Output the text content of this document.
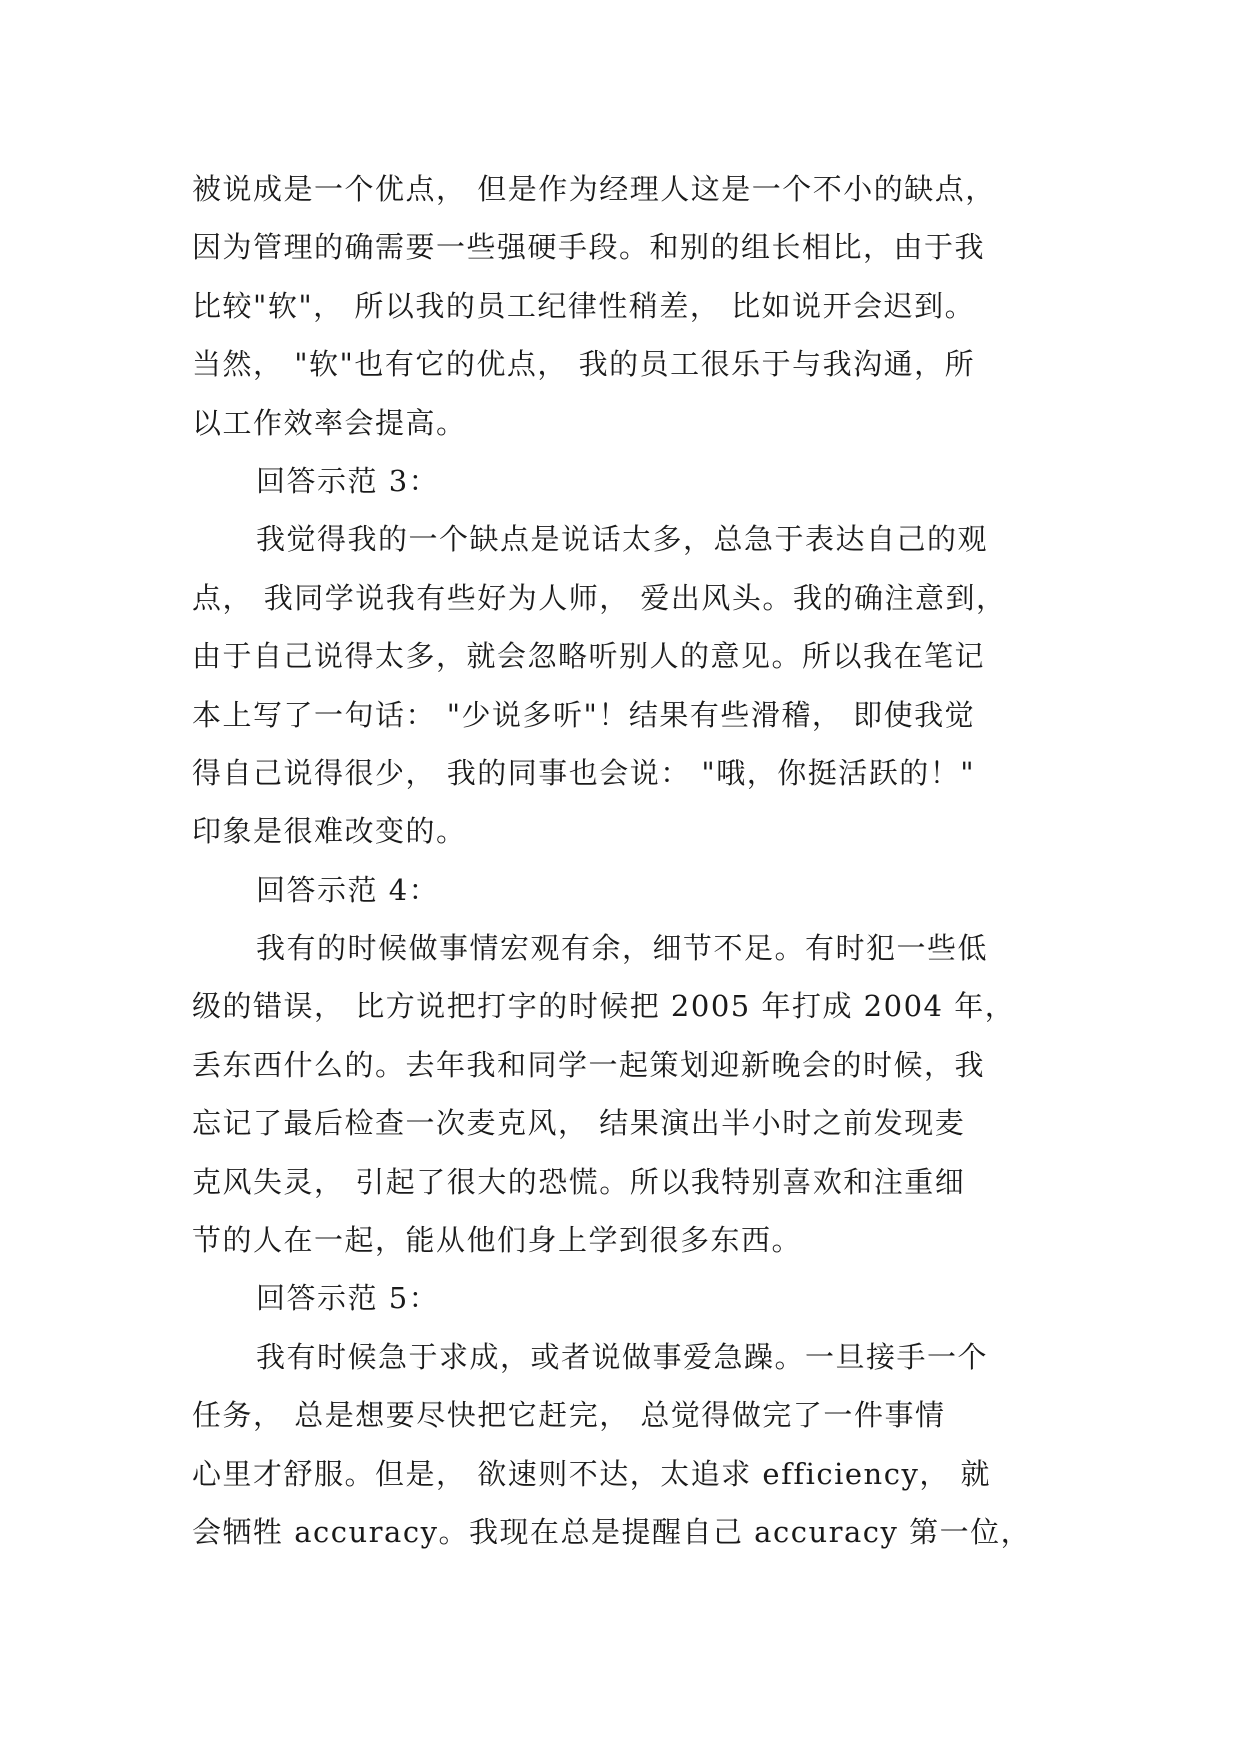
被说成是一个优点， 但是作为经理人这是一个不小的缺点，
因为管理的确需要一些强硬手段。和别的组长相比，由于我
比较"软"， 所以我的员工纪律性稍差， 比如说开会迟到。
当然， "软"也有它的优点， 我的员工很乐于与我沟通，所
以工作效率会提高。
回答示范 3：
我觉得我的一个缺点是说话太多，总急于表达自己的观
点， 我同学说我有些好为人师， 爱出风头。我的确注意到，
由于自己说得太多，就会忽略听别人的意见。所以我在笔记
本上写了一句话： "少说多听"！结果有些滑稽， 即使我觉
得自己说得很少， 我的同事也会说： "哦，你挺活跃的！"
印象是很难改变的。
回答示范 4：
我有的时候做事情宏观有余，细节不足。有时犯一些低
级的错误， 比方说把打字的时候把 2005 年打成 2004 年，
丢东西什么的。去年我和同学一起策划迎新晚会的时候，我
忘记了最后检查一次麦克风， 结果演出半小时之前发现麦
克风失灵， 引起了很大的恐慌。所以我特别喜欢和注重细
节的人在一起，能从他们身上学到很多东西。
回答示范 5：
我有时候急于求成，或者说做事爱急躁。一旦接手一个
任务， 总是想要尽快把它赶完， 总觉得做完了一件事情
心里才舒服。但是， 欲速则不达，太追求 efficiency， 就
会牺牲 accuracy。我现在总是提醒自己 accuracy 第一位，
